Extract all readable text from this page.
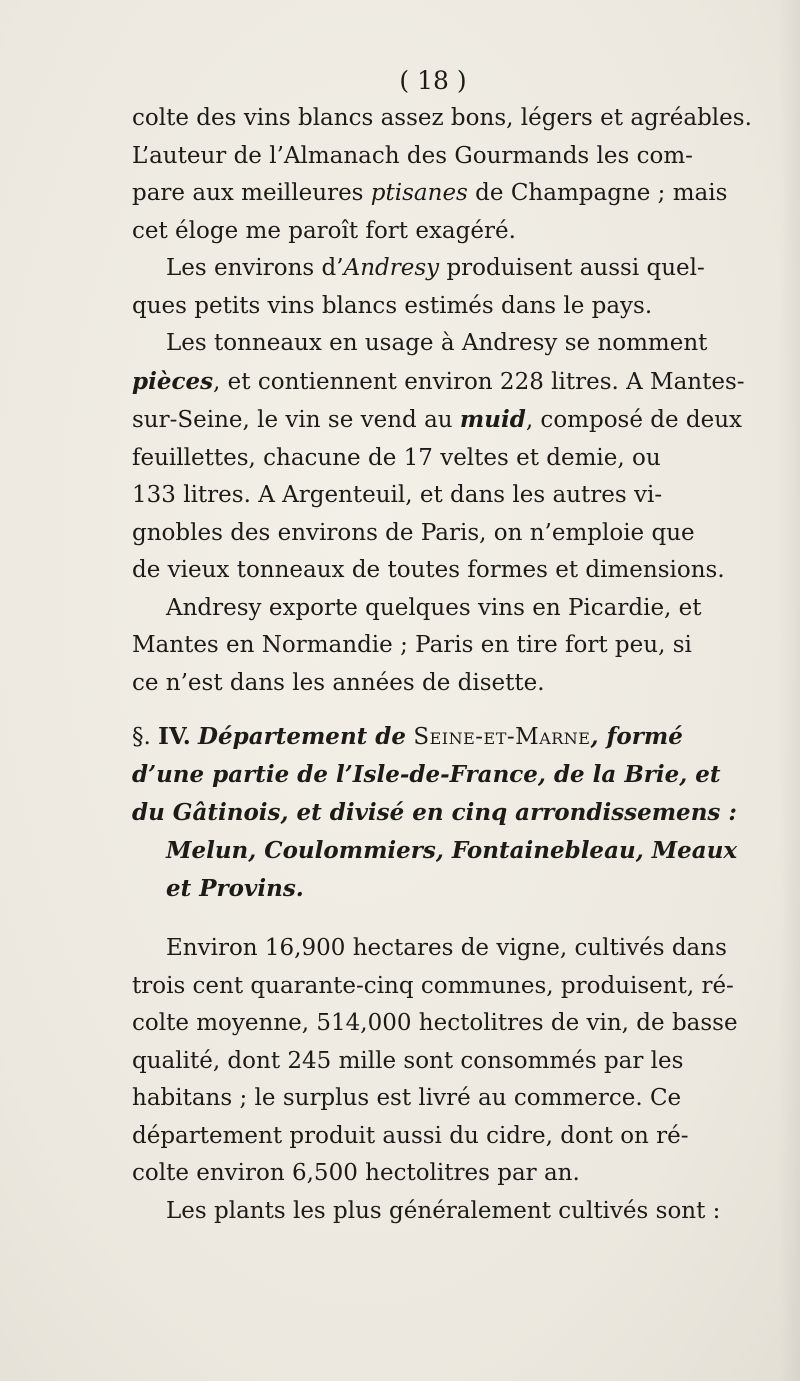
( 18 )

colte des vins blancs assez bons, légers et agréables.

L’auteur de l’Almanach des Gourmands les com-

pare aux meilleures ptisanes de Champagne ; mais

cet éloge me paroît fort exagéré.

Les environs d’Andresy produisent aussi quel-

ques petits vins blancs estimés dans le pays.

Les tonneaux en usage à Andresy se nomment

pièces, et contiennent environ 228 litres. A Mantes-

sur-Seine, le vin se vend au muid, composé de deux

feuillettes, chacune de 17 veltes et demie, ou

133 litres. A Argenteuil, et dans les autres vi-

gnobles des environs de Paris, on n’emploie que

de vieux tonneaux de toutes formes et dimensions.

Andresy exporte quelques vins en Picardie, et

Mantes en Normandie ; Paris en tire fort peu, si

ce n’est dans les années de disette.

§. IV. Département de Seine-et-Marne, formé

d’une partie de l’Isle-de-France, de la Brie, et

du Gâtinois, et divisé en cinq arrondissemens :

Melun, Coulommiers, Fontainebleau, Meaux

et Provins.

Environ 16,900 hectares de vigne, cultivés dans

trois cent quarante-cinq communes, produisent, ré-

colte moyenne, 514,000 hectolitres de vin, de basse

qualité, dont 245 mille sont consommés par les

habitans ; le surplus est livré au commerce. Ce

département produit aussi du cidre, dont on ré-

colte environ 6,500 hectolitres par an.

Les plants les plus généralement cultivés sont :
